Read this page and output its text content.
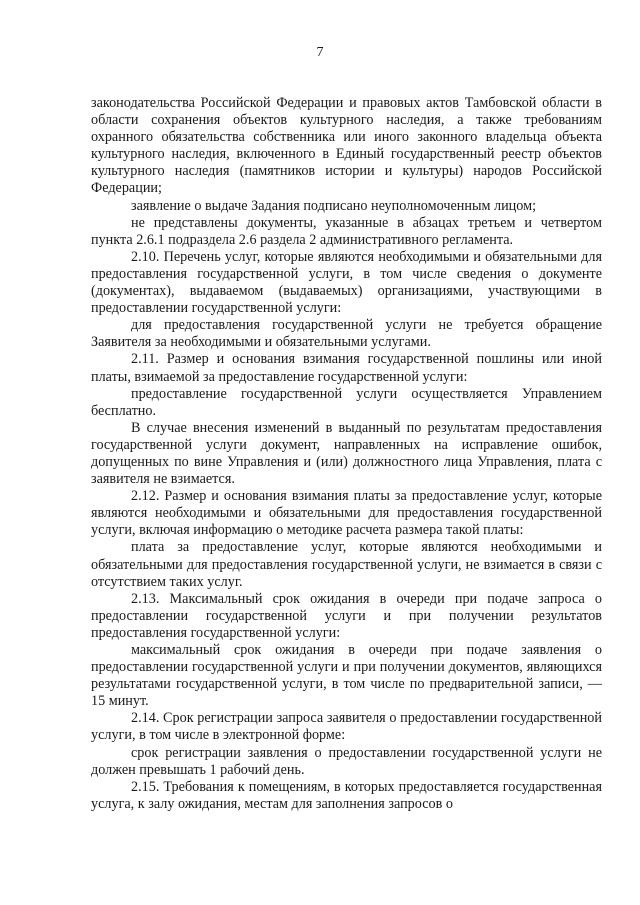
7

законодательства Российской Федерации и правовых актов Тамбовской области в области сохранения объектов культурного наследия, а также требованиям охранного обязательства собственника или иного законного владельца объекта культурного наследия, включенного в Единый государственный реестр объектов культурного наследия (памятников истории и культуры) народов Российской Федерации;

заявление о выдаче Задания подписано неуполномоченным лицом;

не представлены документы, указанные в абзацах третьем и четвертом пункта 2.6.1 подраздела 2.6 раздела 2 административного регламента.

2.10. Перечень услуг, которые являются необходимыми и обязательными для предоставления государственной услуги, в том числе сведения о документе (документах), выдаваемом (выдаваемых) организациями, участвующими в предоставлении государственной услуги:

для предоставления государственной услуги не требуется обращение Заявителя за необходимыми и обязательными услугами.

2.11. Размер и основания взимания государственной пошлины или иной платы, взимаемой за предоставление государственной услуги:

предоставление государственной услуги осуществляется Управлением бесплатно.

В случае внесения изменений в выданный по результатам предоставления государственной услуги документ, направленных на исправление ошибок, допущенных по вине Управления и (или) должностного лица Управления, плата с заявителя не взимается.

2.12. Размер и основания взимания платы за предоставление услуг, которые являются необходимыми и обязательными для предоставления государственной услуги, включая информацию о методике расчета размера такой платы:

плата за предоставление услуг, которые являются необходимыми и обязательными для предоставления государственной услуги, не взимается в связи с отсутствием таких услуг.

2.13. Максимальный срок ожидания в очереди при подаче запроса о предоставлении государственной услуги и при получении результатов предоставления государственной услуги:

максимальный срок ожидания в очереди при подаче заявления о предоставлении государственной услуги и при получении документов, являющихся результатами государственной услуги, в том числе по предварительной записи, — 15 минут.

2.14. Срок регистрации запроса заявителя о предоставлении государственной услуги, в том числе в электронной форме:

срок регистрации заявления о предоставлении государственной услуги не должен превышать 1 рабочий день.

2.15. Требования к помещениям, в которых предоставляется государственная услуга, к залу ожидания, местам для заполнения запросов о
